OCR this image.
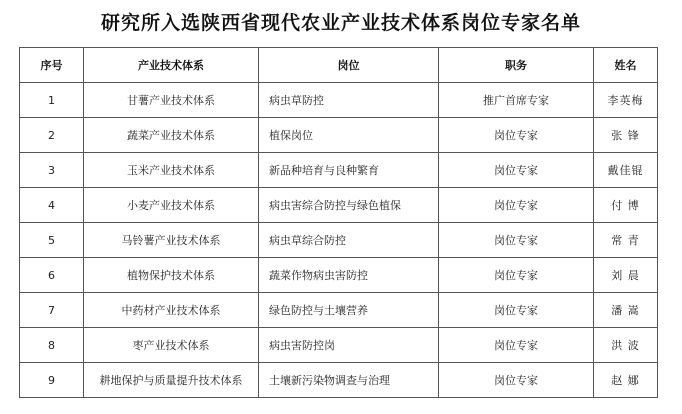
研究所入选陕西省现代农业产业技术体系岗位专家名单
序号	产业技术体系	岗位	职务	姓名
1	甘薯产业技术体系	病虫草防控	推广首席专家	李英梅
2	蔬菜产业技术体系	植保岗位	岗位专家	张 锋
3	玉米产业技术体系	新品种培育与良种繁育	岗位专家	戴佳锟
4	小麦产业技术体系	病虫害综合防控与绿色植保	岗位专家	付 博
5	马铃薯产业技术体系	病虫草综合防控	岗位专家	常 青
6	植物保护技术体系	蔬菜作物病虫害防控	岗位专家	刘 晨
7	中药材产业技术体系	绿色防控与土壤营养	岗位专家	潘 嵩
8	枣产业技术体系	病虫害防控岗	岗位专家	洪 波
9	耕地保护与质量提升技术体系	土壤新污染物调查与治理	岗位专家	赵 娜
